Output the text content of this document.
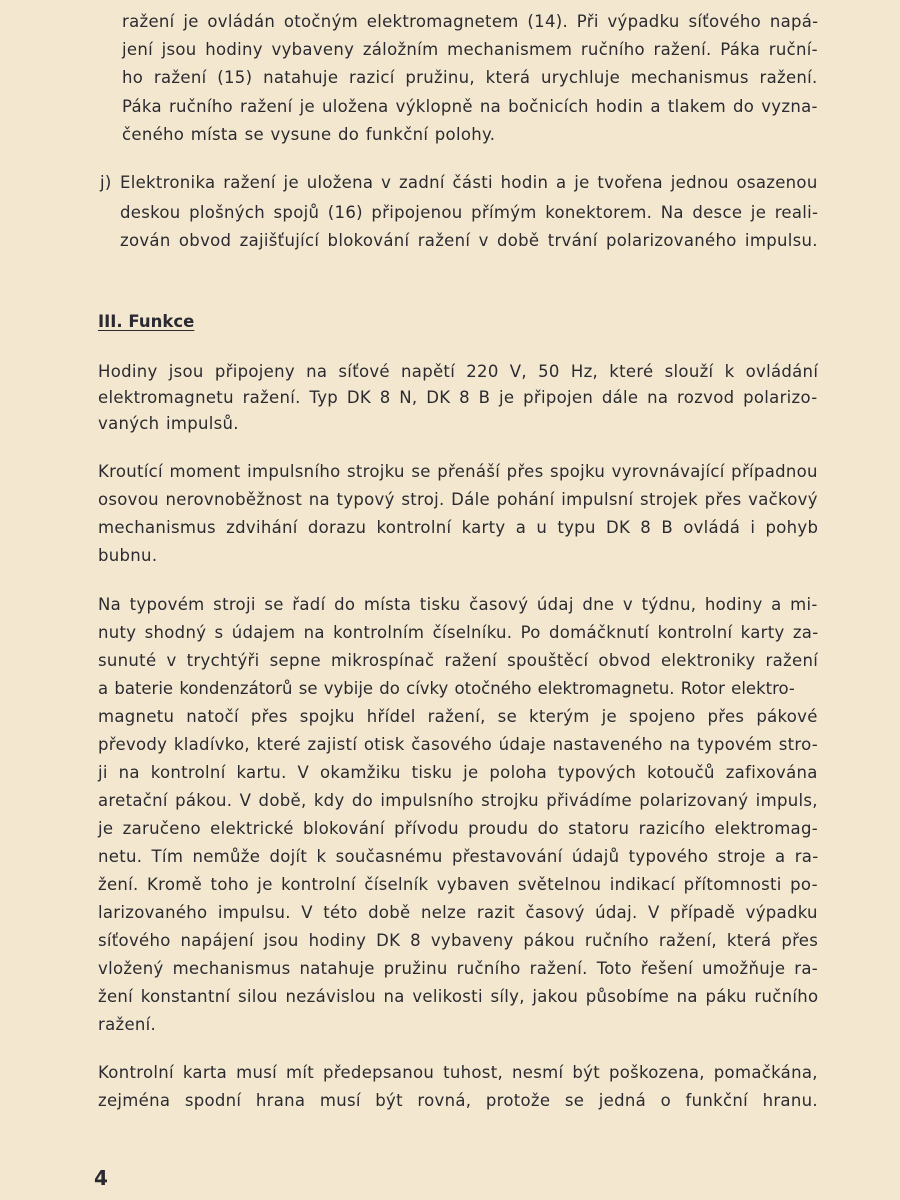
ražení je ovládán otočným elektromagnetem (14). Při výpadku síťového napá-

jení jsou hodiny vybaveny záložním mechanismem ručního ražení. Páka ruční-

ho ražení (15) natahuje razicí pružinu, která urychluje mechanismus ražení.

Páka ručního ražení je uložena výklopně na bočnicích hodin a tlakem do vyzna-

čeného místa se vysune do funkční polohy.

j) Elektronika ražení je uložena v zadní části hodin a je tvořena jednou osazenou

deskou plošných spojů (16) připojenou přímým konektorem. Na desce je reali-

zován obvod zajišťující blokování ražení v době trvání polarizovaného impulsu.

III. Funkce

Hodiny jsou připojeny na síťové napětí 220 V, 50 Hz, které slouží k ovládání

elektromagnetu ražení. Typ DK 8 N, DK 8 B je připojen dále na rozvod polarizo-

vaných impulsů.

Kroutící moment impulsního strojku se přenáší přes spojku vyrovnávající případnou

osovou nerovnoběžnost na typový stroj. Dále pohání impulsní strojek přes vačkový

mechanismus zdvihání dorazu kontrolní karty a u typu DK 8 B ovládá i pohyb

bubnu.

Na typovém stroji se řadí do místa tisku časový údaj dne v týdnu, hodiny a mi-

nuty shodný s údajem na kontrolním číselníku. Po domáčknutí kontrolní karty za-

sunuté v trychtýři sepne mikrospínač ražení spouštěcí obvod elektroniky ražení

a baterie kondenzátorů se vybije do cívky otočného elektromagnetu. Rotor elektro-

magnetu natočí přes spojku hřídel ražení, se kterým je spojeno přes pákové

převody kladívko, které zajistí otisk časového údaje nastaveného na typovém stro-

ji na kontrolní kartu. V okamžiku tisku je poloha typových kotoučů zafixována

aretační pákou. V době, kdy do impulsního strojku přivádíme polarizovaný impuls,

je zaručeno elektrické blokování přívodu proudu do statoru razicího elektromag-

netu. Tím nemůže dojít k současnému přestavování údajů typového stroje a ra-

žení. Kromě toho je kontrolní číselník vybaven světelnou indikací přítomnosti po-

larizovaného impulsu. V této době nelze razit časový údaj. V případě výpadku

síťového napájení jsou hodiny DK 8 vybaveny pákou ručního ražení, která přes

vložený mechanismus natahuje pružinu ručního ražení. Toto řešení umožňuje ra-

žení konstantní silou nezávislou na velikosti síly, jakou působíme na páku ručního

ražení.

Kontrolní karta musí mít předepsanou tuhost, nesmí být poškozena, pomačkána,

zejména spodní hrana musí být rovná, protože se jedná o funkční hranu.

4
